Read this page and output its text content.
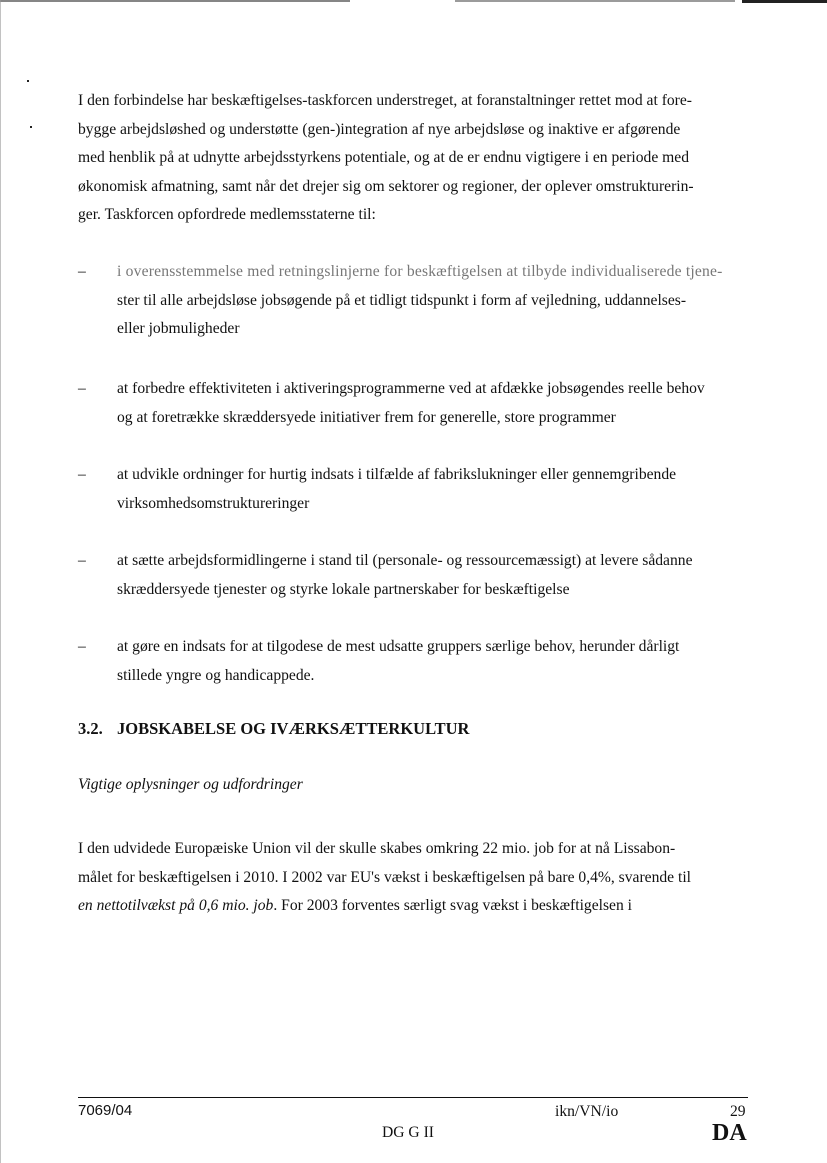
I den forbindelse har beskæftigelses-taskforcen understreget, at foranstaltninger rettet mod at fore-
bygge arbejdsløshed og understøtte (gen-)integration af nye arbejdsløse og inaktive er afgørende
med henblik på at udnytte arbejdsstyrkens potentiale, og at de er endnu vigtigere i en periode med
økonomisk afmatning, samt når det drejer sig om sektorer og regioner, der oplever omstrukturerin-
ger. Taskforcen opfordrede medlemsstaterne til:
– i overensstemmelse med retningslinjerne for beskæftigelsen at tilbyde individualiserede tjene-
ster til alle arbejdsløse jobsøgende på et tidligt tidspunkt i form af vejledning, uddannelses-
eller jobmuligheder
– at forbedre effektiviteten i aktiveringsprogrammerne ved at afdække jobsøgendes reelle behov
og at foretrække skræddersyede initiativer frem for generelle, store programmer
– at udvikle ordninger for hurtig indsats i tilfælde af fabrikslukninger eller gennemgribende
virksomhedsomstruktureringer
– at sætte arbejdsformidlingerne i stand til (personale- og ressourcemæssigt) at levere sådanne
skræddersyede tjenester og styrke lokale partnerskaber for beskæftigelse
– at gøre en indsats for at tilgodese de mest udsatte gruppers særlige behov, herunder dårligt
stillede yngre og handicappede.
3.2. JOBSKABELSE OG IVÆRKSÆTTERKULTUR
Vigtige oplysninger og udfordringer
I den udvidede Europæiske Union vil der skulle skabes omkring 22 mio. job for at nå Lissabon-
målet for beskæftigelsen i 2010. I 2002 var EU's vækst i beskæftigelsen på bare 0,4%, svarende til
en nettotilvækst på 0,6 mio. job. For 2003 forventes særligt svag vækst i beskæftigelsen i
7069/04	ikn/VN/io	29
DG G II	DA
